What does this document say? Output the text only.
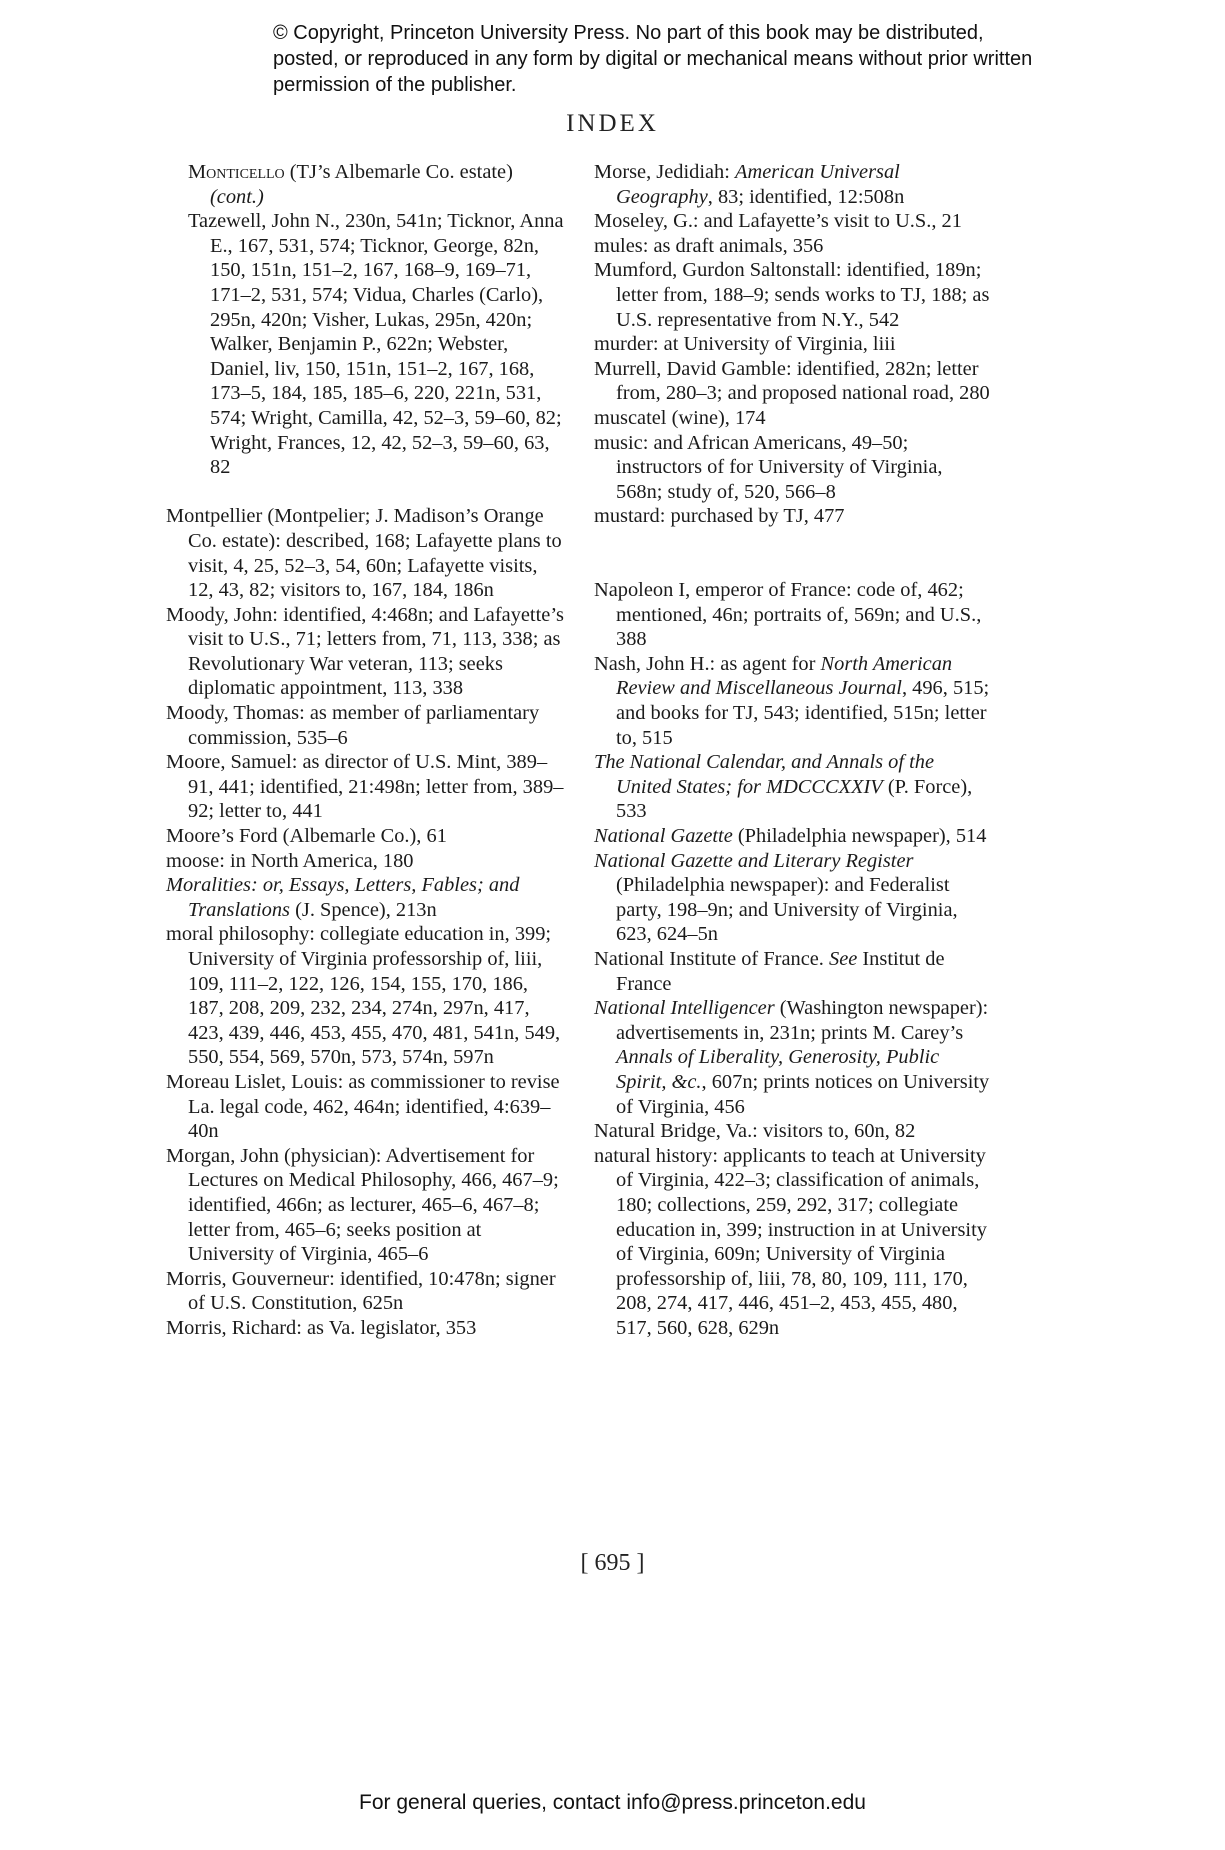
© Copyright, Princeton University Press. No part of this book may be distributed, posted, or reproduced in any form by digital or mechanical means without prior written permission of the publisher.
INDEX
Monticello (TJ’s Albemarle Co. estate) (cont.)
Tazewell, John N., 230n, 541n; Ticknor, Anna E., 167, 531, 574; Ticknor, George, 82n, 150, 151n, 151–2, 167, 168–9, 169–71, 171–2, 531, 574; Vidua, Charles (Carlo), 295n, 420n; Visher, Lukas, 295n, 420n; Walker, Benjamin P., 622n; Webster, Daniel, liv, 150, 151n, 151–2, 167, 168, 173–5, 184, 185, 185–6, 220, 221n, 531, 574; Wright, Camilla, 42, 52–3, 59–60, 82; Wright, Frances, 12, 42, 52–3, 59–60, 63, 82
Montpellier (Montpelier; J. Madison’s Orange Co. estate): described, 168; Lafayette plans to visit, 4, 25, 52–3, 54, 60n; Lafayette visits, 12, 43, 82; visitors to, 167, 184, 186n
Moody, John: identified, 4:468n; and Lafayette’s visit to U.S., 71; letters from, 71, 113, 338; as Revolutionary War veteran, 113; seeks diplomatic appointment, 113, 338
Moody, Thomas: as member of parliamentary commission, 535–6
Moore, Samuel: as director of U.S. Mint, 389–91, 441; identified, 21:498n; letter from, 389–92; letter to, 441
Moore’s Ford (Albemarle Co.), 61
moose: in North America, 180
Moralities: or, Essays, Letters, Fables; and Translations (J. Spence), 213n
moral philosophy: collegiate education in, 399; University of Virginia professorship of, liii, 109, 111–2, 122, 126, 154, 155, 170, 186, 187, 208, 209, 232, 234, 274n, 297n, 417, 423, 439, 446, 453, 455, 470, 481, 541n, 549, 550, 554, 569, 570n, 573, 574n, 597n
Moreau Lislet, Louis: as commissioner to revise La. legal code, 462, 464n; identified, 4:639–40n
Morgan, John (physician): Advertisement for Lectures on Medical Philosophy, 466, 467–9; identified, 466n; as lecturer, 465–6, 467–8; letter from, 465–6; seeks position at University of Virginia, 465–6
Morris, Gouverneur: identified, 10:478n; signer of U.S. Constitution, 625n
Morris, Richard: as Va. legislator, 353
Morse, Jedidiah: American Universal Geography, 83; identified, 12:508n
Moseley, G.: and Lafayette’s visit to U.S., 21
mules: as draft animals, 356
Mumford, Gurdon Saltonstall: identified, 189n; letter from, 188–9; sends works to TJ, 188; as U.S. representative from N.Y., 542
murder: at University of Virginia, liii
Murrell, David Gamble: identified, 282n; letter from, 280–3; and proposed national road, 280
muscatel (wine), 174
music: and African Americans, 49–50; instructors of for University of Virginia, 568n; study of, 520, 566–8
mustard: purchased by TJ, 477
Napoleon I, emperor of France: code of, 462; mentioned, 46n; portraits of, 569n; and U.S., 388
Nash, John H.: as agent for North American Review and Miscellaneous Journal, 496, 515; and books for TJ, 543; identified, 515n; letter to, 515
The National Calendar, and Annals of the United States; for MDCCCXXIV (P. Force), 533
National Gazette (Philadelphia newspaper), 514
National Gazette and Literary Register (Philadelphia newspaper): and Federalist party, 198–9n; and University of Virginia, 623, 624–5n
National Institute of France. See Institut de France
National Intelligencer (Washington newspaper): advertisements in, 231n; prints M. Carey’s Annals of Liberality, Generosity, Public Spirit, &c., 607n; prints notices on University of Virginia, 456
Natural Bridge, Va.: visitors to, 60n, 82
natural history: applicants to teach at University of Virginia, 422–3; classification of animals, 180; collections, 259, 292, 317; collegiate education in, 399; instruction in at University of Virginia, 609n; University of Virginia professorship of, liii, 78, 80, 109, 111, 170, 208, 274, 417, 446, 451–2, 453, 455, 480, 517, 560, 628, 629n
[ 695 ]
For general queries, contact info@press.princeton.edu
